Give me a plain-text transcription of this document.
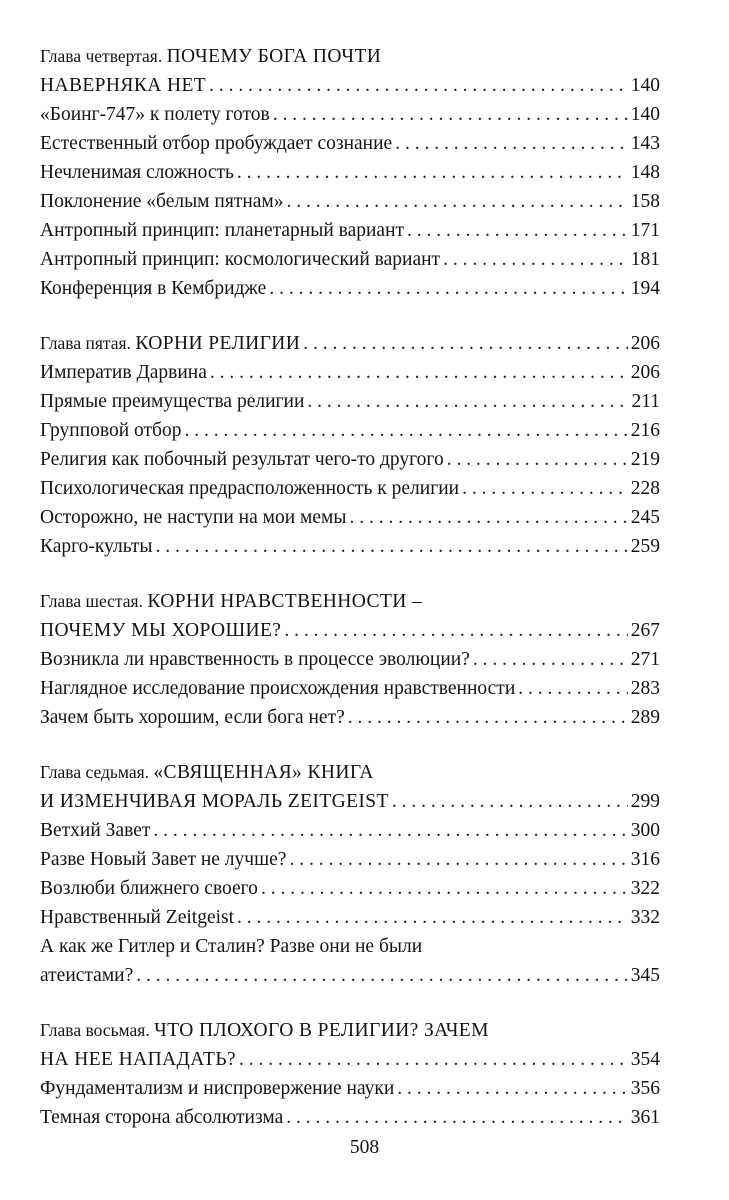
Глава четвертая. ПОЧЕМУ БОГА ПОЧТИ
НАВЕРНЯКА НЕТ . . .	140
«Боинг-747» к полету готов . . .	140
Естественный отбор пробуждает сознание . . .	143
Нечленимая сложность . . .	148
Поклонение «белым пятнам» . . .	158
Антропный принцип: планетарный вариант . . .	171
Антропный принцип: космологический вариант . . .	181
Конференция в Кембридже . . .	194
Глава пятая. КОРНИ РЕЛИГИИ . . .	206
Императив Дарвина . . .	206
Прямые преимущества религии . . .	211
Групповой отбор . . .	216
Религия как побочный результат чего-то другого . . .	219
Психологическая предрасположенность к религии . . .	228
Осторожно, не наступи на мои мемы . . .	245
Карго-культы . . .	259
Глава шестая. КОРНИ НРАВСТВЕННОСТИ –
ПОЧЕМУ МЫ ХОРОШИЕ? . . .	267
Возникла ли нравственность в процессе эволюции? . . .	271
Наглядное исследование происхождения нравственности . . .	283
Зачем быть хорошим, если бога нет? . . .	289
Глава седьмая. «СВЯЩЕННАЯ» КНИГА
И ИЗМЕНЧИВАЯ МОРАЛЬ ZEITGEIST . . .	299
Ветхий Завет . . .	300
Разве Новый Завет не лучше? . . .	316
Возлюби ближнего своего . . .	322
Нравственный Zeitgeist . . .	332
А как же Гитлер и Сталин? Разве они не были
атеистами? . . .	345
Глава восьмая. ЧТО ПЛОХОГО В РЕЛИГИИ? ЗАЧЕМ
НА НЕЕ НАПАДАТЬ? . . .	354
Фундаментализм и ниспровержение науки . . .	356
Темная сторона абсолютизма . . .	361
508
